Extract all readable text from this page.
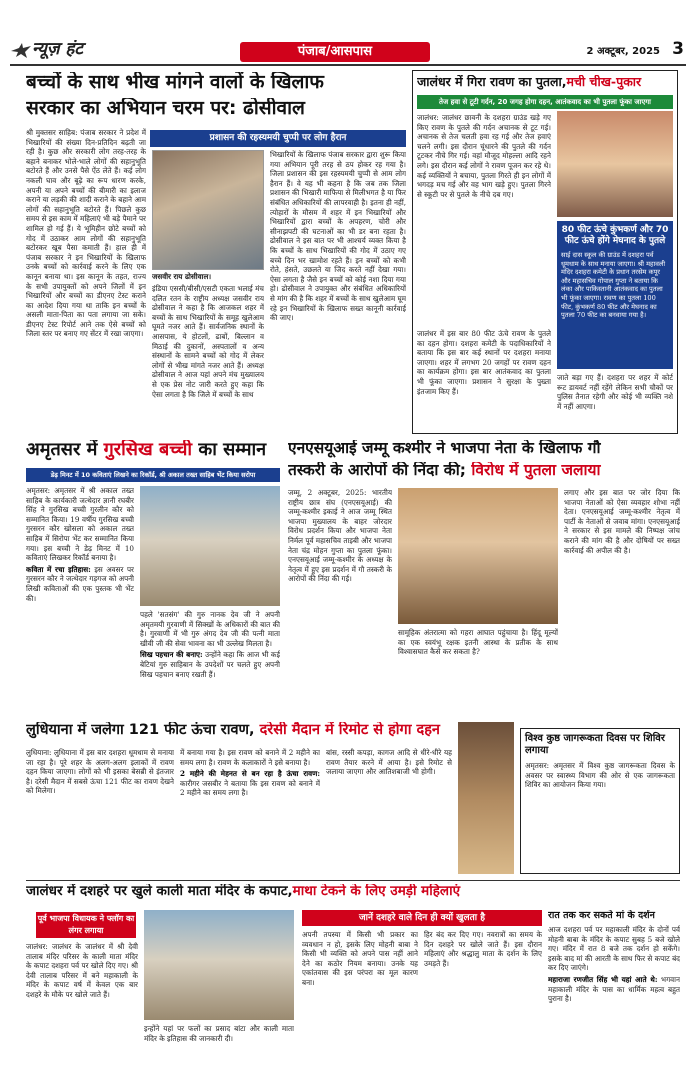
न्यूज़ हंट	पंजाब/आसपास	2 अक्टूबर, 2025 3
बच्चों के साथ भीख मांगने वालों के खिलाफ
सरकार का अभियान चरम पर: ढोसीवाल

श्री मुक्तसर साहिब: पंजाब सरकार ने प्रदेश में भिखारियों की संख्या दिन-प्रतिदिन बढ़ती जा रही है। कुछ और सरकारी लोग तरह-तरह के बहाने बनाकर भोले-भाले लोगों की सहानुभूति बटोरते हैं और उनसे पैसे ऐंठ लेते हैं। कई लोग नकली घाव और बूढ़े का रूप धारण करके, अपनी या अपने बच्चों की बीमारी का इलाज कराने या लड़की की शादी कराने के बहाने आम लोगों की सहानुभूति बटोरते हैं। पिछले कुछ समय से इस काम में महिलाएं भी बड़े पैमाने पर शामिल हो गई हैं। ये भूमिहीन छोटे बच्चों को गोद में उठाकर आम लोगों की सहानुभूति बटोरकर खूब पैसा कमाती हैं। हाल ही में पंजाब सरकार ने इन भिखारियों के खिलाफ उनके बच्चों को कार्रवाई करने के लिए एक कानून बनाया था। इस कानून के तहत, राज्य के सभी उपायुक्तों को अपने जिलों में इन भिखारियों और बच्चों का डीएनए टेस्ट कराने का आदेश दिया गया था ताकि इन बच्चों के असली माता-पिता का पता लगाया जा सके। डीएनए टेस्ट रिपोर्ट आने तक ऐसे बच्चों को जिला स्तर पर बनाए गए सेंटर में रखा जाएगा।

प्रशासन की रहस्यमयी चुप्पी पर लोग हैरान
जसवीर राय ढोसीवाल।

इंडिया एससी/बीसी/एसटी एकता भलाई मंच दलित रतन के राष्ट्रीय अध्यक्ष जसवीर राय ढोसीवाल ने कहा है कि आजकल शहर में बच्चों के साथ भिखारियों के समूह खुलेआम घूमते नजर आते हैं। सार्वजनिक स्थानों के आसपास, ये होटलों, ढाबों, बिल्लान व मिठाई की दुकानों, अस्पतालों व अन्य संस्थानों के सामने बच्चों को गोद में लेकर लोगों से भीख मांगते नजर आते हैं। अध्यक्ष ढोसीवाल ने आज यहां अपने मंच मुख्यालय से एक प्रेस नोट जारी करते हुए कहा कि ऐसा लगता है कि जिले में बच्चों के साथ

भिखारियों के खिलाफ पंजाब सरकार द्वारा शुरू किया गया अभियान पूरी तरह से ठप होकर रह गया है। जिला प्रशासन की इस रहस्यमयी चुप्पी से आम लोग हैरान हैं। वे यह भी कहना है कि जब तक जिला प्रशासन की भिखारी माफिया से मिलीभगत है या फिर संबंधित अधिकारियों की लापरवाही है। इतना ही नहीं, त्योहारों के मौसम में शहर में इन भिखारियों और भिखारियों द्वारा बच्चों के अपहरण, चोरी और सीनाझपटी की घटनाओं का भी डर बना रहता है। ढोसीवाल ने इस बात पर भी आश्चर्य व्यक्त किया है कि बच्चों के साथ भिखारियों की गोद में उठाए गए बच्चे दिन भर खामोश रहते हैं। इन बच्चों को कभी रोते, हंसते, उछलते या जिद करते नहीं देखा गया। ऐसा लगता है जैसे इन बच्चों को कोई नशा दिया गया हो। ढोसीवाल ने उपायुक्त और संबंधित अधिकारियों से मांग की है कि शहर में बच्चों के साथ खुलेआम घूम रहे इन भिखारियों के खिलाफ सख्त कानूनी कार्रवाई की जाए।

जालंधर में गिरा रावण का पुतला,मची चीख-पुकार
तेज हवा से टूटी गर्दन, 20 जगह होगा दहन, आतंकवाद का भी पुतला फूंका जाएगा

जालंधर: जालंधर छावनी के दशहरा ग्राउंड खड़े गए किए रावण के पुतले की गर्दन अचानक से टूट गई। अचानक से तेज चलती हवा रह गई और तेज हवाएं चलने लगी। इस दौरान चूंधारने की पुतले की गर्दन टूटकर नीचे गिर गई। वहां मौजूद मोहल्ला आदि रहने लगे। इस दौरान कई लोगों ने रावण पूजन कर रहे थे। कई व्यक्तियों ने बचाया, पुतला गिरते ही इन लोगों में भगदड़ मच गई और वह भाग खड़े हुए। पुतला गिरने से स्कूटी पर से पुतले के नीचे दब गए।

जालंधर में इस बार 80 फीट ऊंचे रावण के पुतले का दहन होगा। दशहरा कमेटी के पदाधिकारियों ने बताया कि इस बार कई स्थानों पर दशहरा मनाया जाएगा। शहर में लगभग 20 जगहों पर रावण दहन का कार्यक्रम होगा। इस बार आतंकवाद का पुतला भी फूंका जाएगा। प्रशासन ने सुरक्षा के पुख्ता इंतजाम किए हैं।

80 फीट ऊंचे कुंभकर्ण और 70 फीट ऊंचे होंगे मेघनाद के पुतले
साई दास स्कूल की ग्राउंड में दशहरा पर्व धूमधाम के साथ मनाया जाएगा। श्री महावली मंदिर दशहरा कमेटी के प्रधान तरसेम कपूर और महासचिव गोपाल गुप्ता ने बताया कि लंका और पाकिस्तानी आतंकवाद का पुतला भी फूंका जाएगा। रावण का पुतला 100 फीट, कुंभकर्ण 80 फीट और मेघनाद का पुतला 70 फीट का बनवाया गया है।

जाते बड़ा गए हैं। दशहरा पर शहर में कोर्ट रूट डायवर्ट नहीं रहेंगे लेकिन सभी चौकों पर पुलिस तैनात रहेगी और कोई भी व्यक्ति नशे में नहीं आएगा।

अमृतसर में गुरसिख बच्ची का सम्मान
डेढ़ मिनट में 10 कविताएं लिखने का रिकॉर्ड, श्री अकाल तख्त साहिब भेंट किया सरोपा

अमृतसर: अमृतसर में श्री अकाल तख्त साहिब के कार्यकारी जत्थेदार ज्ञानी रघबीर सिंह ने गुरसिख बच्ची गुरलीन कौर को सम्मानित किया। 19 वर्षीय गुरसिख बच्ची गुरसरन कौर खोसला को अकाल तख्त साहिब में सिरोपा भेंट कर सम्मानित किया गया। इस बच्ची ने डेढ़ मिनट में 10 कविताएं लिखकर रिकॉर्ड बनाया है।

कविता में रचा इतिहास: इस अवसर पर गुरसरन कौर ने जत्थेदार गड़गज को अपनी लिखी कविताओं की एक पुस्तक भी भेंट की।

पहले 'सतसंग' की गुरु नानक देव जी ने अपनी अमृतमयी गुरवाणी में सिक्खों के अधिकारों की बात की है। गुरवाणी में भी गुरु अंगद देव जी की पत्नी माता खीवी जी की सेवा भावना का भी उल्लेख मिलता है।

सिख पहचान की बनाए: उन्होंने कहा कि आज भी कई बेटियां गुरु साहिबान के उपदेशों पर चलते हुए अपनी सिख पहचान बनाए रखती हैं।

एनएसयूआई जम्मू कश्मीर ने भाजपा नेता के खिलाफ गौ
तस्करी के आरोपों की निंदा की; विरोध में पुतला जलाया

जम्मू, 2 अक्टूबर, 2025: भारतीय राष्ट्रीय छात्र संघ (एनएसयूआई) की जम्मू-कश्मीर इकाई ने आज जम्मू स्थित भाजपा मुख्यालय के बाहर जोरदार विरोध प्रदर्शन किया और भाजपा नेता निर्मल पूर्व महासचिव ताइबी और भाजपा नेता चंद्र मोहन गुप्ता का पुतला फूंका। एनएसयूआई जम्मू-कश्मीर के अध्यक्ष के नेतृत्व में हुए इस प्रदर्शन में गौ तस्करी के आरोपों की निंदा की गई।

सामूहिक अंतरात्मा को गहरा आघात पहुंचाया है। हिंदू मूल्यों का एक स्वयंभू रक्षक इतनी आस्था के प्रतीक के साथ विश्वासघात कैसे कर सकता है?

लगाए और इस बात पर जोर दिया कि भाजपा नेताओं को ऐसा व्यवहार शोभा नहीं देता। एनएसयूआई जम्मू-कश्मीर नेतृत्व में पार्टी के नेताओं से जवाब मांगा। एनएसयूआई ने सरकार से इस मामले की निष्पक्ष जांच कराने की मांग की है और दोषियों पर सख्त कार्रवाई की अपील की है।

लुधियाना में जलेगा 121 फीट ऊंचा रावण, दरेसी मैदान में रिमोट से होगा दहन

लुधियाना: लुधियाना में इस बार दशहरा धूमधाम से मनाया जा रहा है। पूरे शहर के अलग-अलग इलाकों में रावण दहन किया जाएगा। लोगों को भी इसका बेसब्री से इंतजार है। दरेसी मैदान में सबसे ऊंचा 121 फीट का रावण देखने को मिलेगा।

में बनाया गया है। इस रावण को बनाने में 2 महीने का समय लगा है। रावण के कलाकारों ने इसे बनाया है।

2 महीने की मेहनत से बन रहा है ऊंचा रावण: कारीगर जसबीर ने बताया कि इस रावण को बनाने में 2 महीने का समय लगा है।

बांस, रस्सी कपड़ा, कागज आदि से धीरे-धीरे यह रावण तैयार करने में आया है। इसे रिमोट से जलाया जाएगा और आतिशबाजी भी होगी।

विश्व कुष्ठ जागरूकता दिवस पर शिविर लगाया
अमृतसर: अमृतसर में विश्व कुष्ठ जागरूकता दिवस के अवसर पर स्वास्थ्य विभाग की ओर से एक जागरूकता शिविर का आयोजन किया गया।
जालंधर में दशहरे पर खुले काली माता मंदिर के कपाट,माथा टेकने के लिए उमड़ी महिलाएं
पूर्व भाजपा विधायक ने फ्लॉग का लंगर लगाया

जालंधर: जालंधर के जालंधर में श्री देवी तालाब मंदिर परिसर के काली माता मंदिर के कपाट दशहरा पर्व पर खोले दिए गए। श्री देवी तालाब परिसर में बने महाकाली के मंदिर के कपाट वर्ष में केवल एक बार दशहरे के मौके पर खोले जाते हैं।

इन्होंने यहां पर फलों का प्रसाद बांटा और काली माता मंदिर के इतिहास की जानकारी दी।

जानें दशहरे वाले दिन ही क्यों खुलता है

अपनी तपस्या में किसी भी प्रकार का व्यवधान न हो, इसके लिए मोहनी बाबा ने किसी भी व्यक्ति को अपने पास नहीं आने देने का कठोर नियम बनाया। उनके यह एकांतवास की इस परंपरा का मूल कारण बना।

हिर बंद कर दिए गए। नवरात्रों का समय के दिन दशहरे पर खोले जाते हैं। इस दौरान महिलाएं और श्रद्धालु माता के दर्शन के लिए उमड़ते हैं।

रात तक कर सकते मां के दर्शन

आज दशहरा पर्व पर महाकाली मंदिर के दोनों पर्व मोहनी बाबा के मंदिर के कपाट सुबह 5 बजे खोले गए। मंदिर में रात 8 बजे तक दर्शन हो सकेंगे। इसके बाद मां की आरती के साथ फिर से कपाट बंद कर दिए जाएंगे।

महाराजा रणजीत सिंह भी यहां आते थे: भगवान महाकाली मंदिर के पास का धार्मिक महत्व बहुत पुराना है।
